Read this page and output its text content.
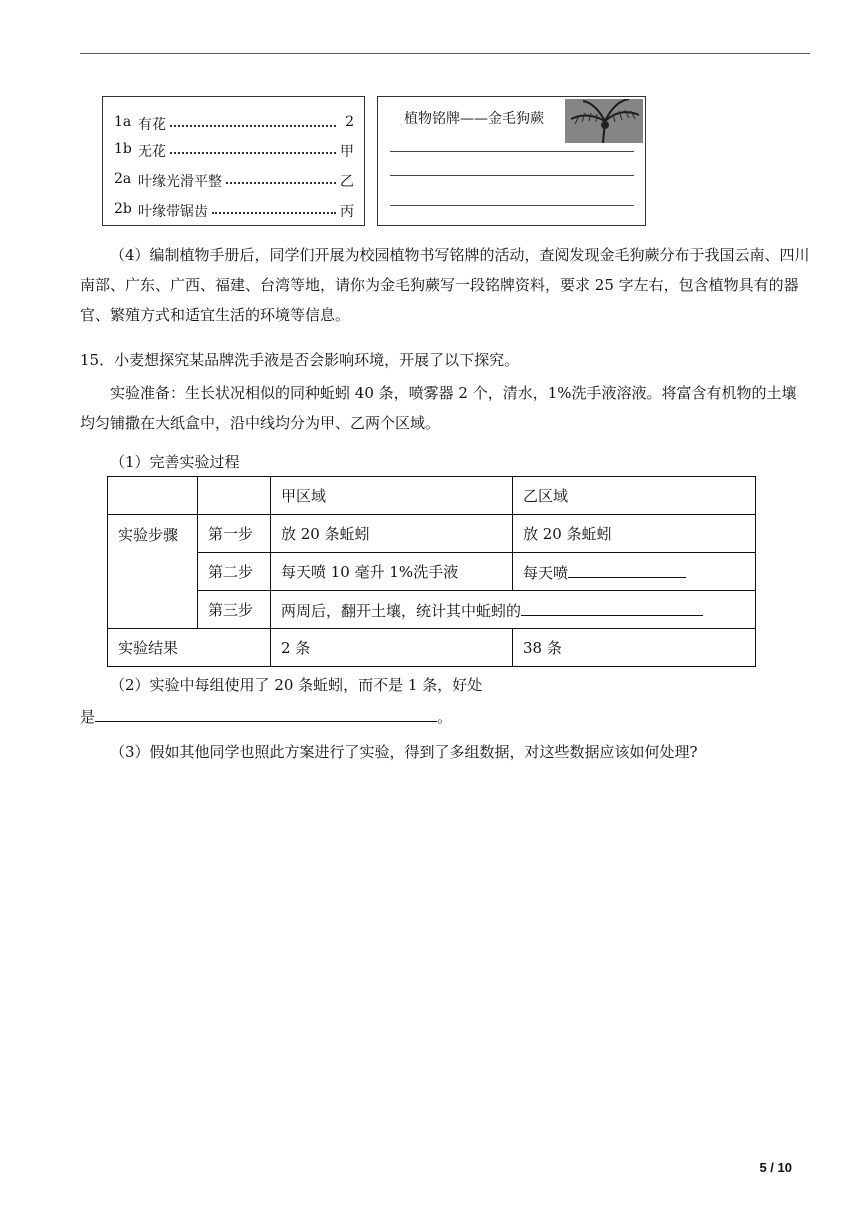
1a 有花	2
1b 无花	甲
2a 叶缘光滑平整	乙
2b 叶缘带锯齿	丙
植物铭牌——金毛狗蕨

（4）编制植物手册后，同学们开展为校园植物书写铭牌的活动，查阅发现金毛狗蕨分布于我国云南、四川南部、广东、广西、福建、台湾等地，请你为金毛狗蕨写一段铭牌资料，要求 25 字左右，包含植物具有的器官、繁殖方式和适宜生活的环境等信息。

15．小麦想探究某品牌洗手液是否会影响环境，开展了以下探究。

实验准备：生长状况相似的同种蚯蚓 40 条，喷雾器 2 个，清水，1%洗手液溶液。将富含有机物的土壤均匀铺撒在大纸盒中，沿中线均分为甲、乙两个区域。

（1）完善实验过程

		甲区域	乙区域
实验步骤	第一步	放 20 条蚯蚓	放 20 条蚯蚓
	第二步	每天喷 10 毫升 1%洗手液	每天喷
	第三步	两周后，翻开土壤，统计其中蚯蚓的	
实验结果		2 条	38 条

（2）实验中每组使用了 20 条蚯蚓，而不是 1 条，好处

是	。

（3）假如其他同学也照此方案进行了实验，得到了多组数据，对这些数据应该如何处理?

5 / 10
